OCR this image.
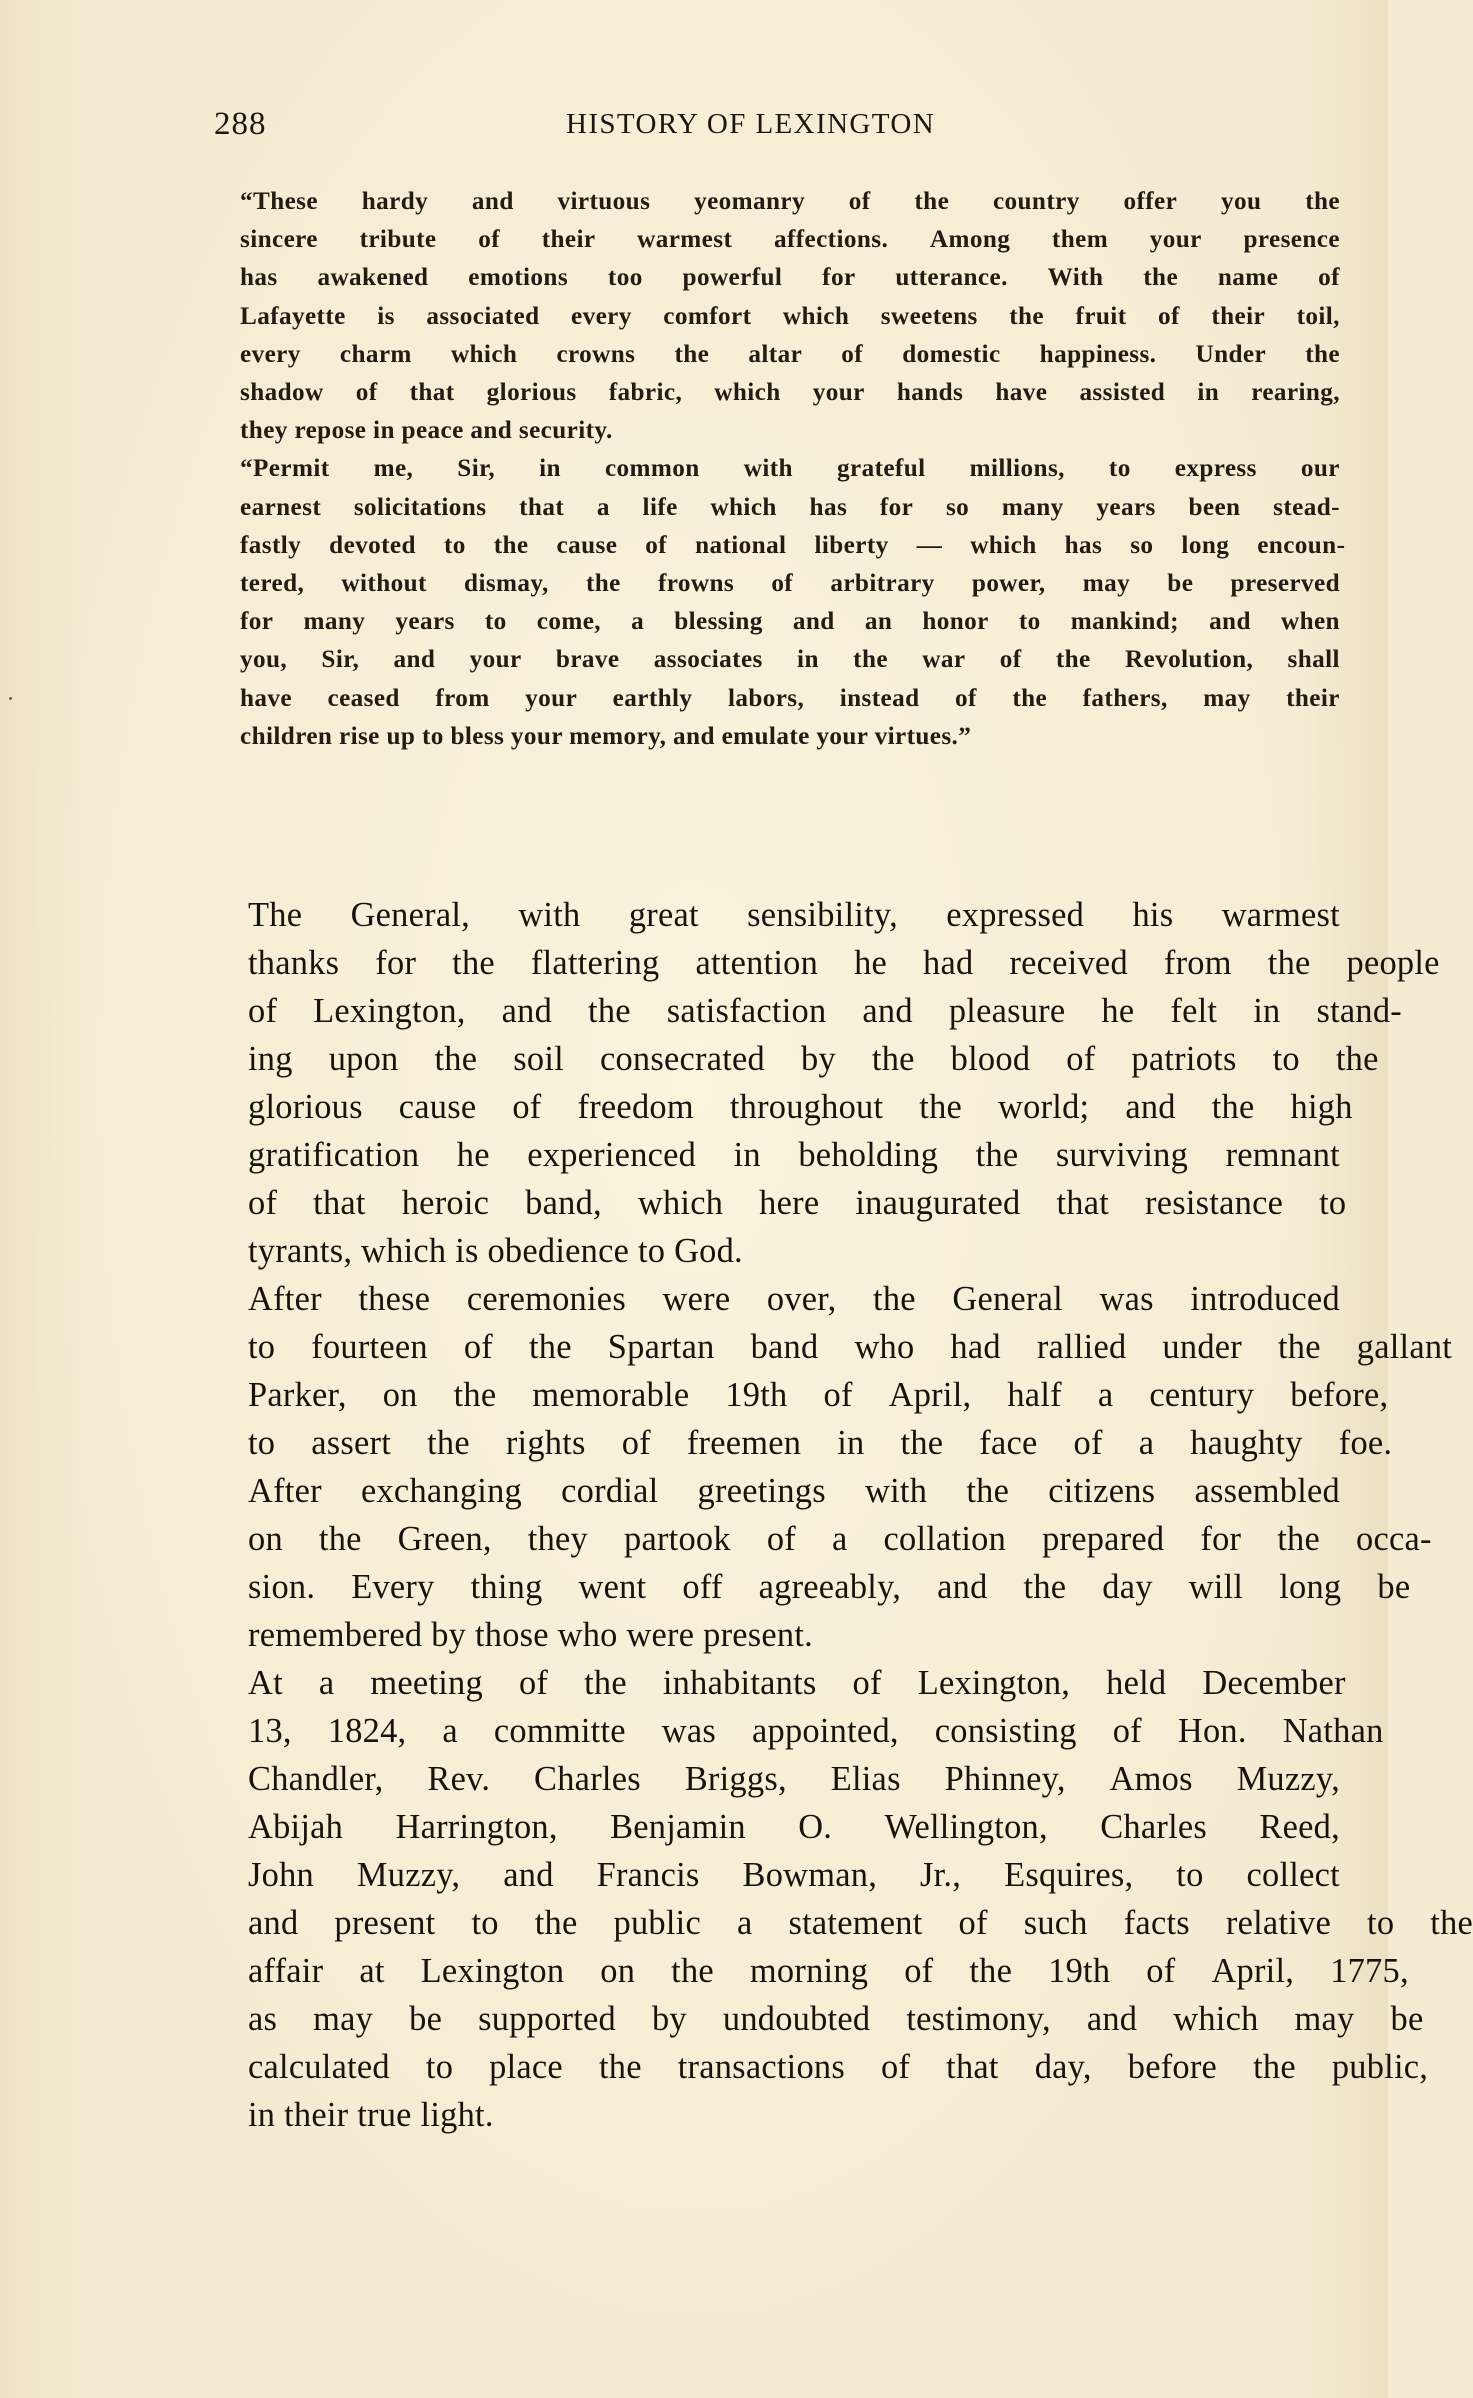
288	HISTORY OF LEXINGTON

“These	hardy	and	virtuous	yeomanry	of	the	country	offer	you	the
sincere	tribute	of	their	warmest	affections.	Among	them	your	presence
has	awakened	emotions	too	powerful	for	utterance.	With	the	name	of
Lafayette	is	associated	every	comfort	which	sweetens	the	fruit	of	their	toil,
every	charm	which	crowns	the	altar	of	domestic	happiness.	Under	the
shadow	of	that	glorious	fabric,	which	your	hands	have	assisted	in	rearing,
they repose in peace and security.

“Permit	me,	Sir,	in	common	with	grateful	millions,	to	express	our
earnest	solicitations	that	a	life	which	has	for	so	many	years	been	stead-
fastly	devoted	to	the	cause	of	national	liberty	—	which	has	so	long	encoun-
tered,	without	dismay,	the	frowns	of	arbitrary	power,	may	be	preserved
for	many	years	to	come,	a	blessing	and	an	honor	to	mankind;	and	when
you,	Sir,	and	your	brave	associates	in	the	war	of	the	Revolution,	shall
have	ceased	from	your	earthly	labors,	instead	of	the	fathers,	may	their
children rise up to bless your memory, and emulate your virtues.”

The	General,	with	great	sensibility,	expressed	his	warmest
thanks	for	the	flattering	attention	he	had	received	from	the	people
of	Lexington,	and	the	satisfaction	and	pleasure	he	felt	in	stand-
ing	upon	the	soil	consecrated	by	the	blood	of	patriots	to	the
glorious	cause	of	freedom	throughout	the	world;	and	the	high
gratification	he	experienced	in	beholding	the	surviving	remnant
of	that	heroic	band,	which	here	inaugurated	that	resistance	to
tyrants, which is obedience to God.

After	these	ceremonies	were	over,	the	General	was	introduced
to	fourteen	of	the	Spartan	band	who	had	rallied	under	the	gallant
Parker,	on	the	memorable	19th	of	April,	half	a	century	before,
to	assert	the	rights	of	freemen	in	the	face	of	a	haughty	foe.
After	exchanging	cordial	greetings	with	the	citizens	assembled
on	the	Green,	they	partook	of	a	collation	prepared	for	the	occa-
sion.	Every	thing	went	off	agreeably,	and	the	day	will	long	be
remembered by those who were present.

At	a	meeting	of	the	inhabitants	of	Lexington,	held	December
13,	1824,	a	committe	was	appointed,	consisting	of	Hon.	Nathan
Chandler,	Rev.	Charles	Briggs,	Elias	Phinney,	Amos	Muzzy,
Abijah	Harrington,	Benjamin	O.	Wellington,	Charles	Reed,
John	Muzzy,	and	Francis	Bowman,	Jr.,	Esquires,	to	collect
and	present	to	the	public	a	statement	of	such	facts	relative	to	the
affair	at	Lexington	on	the	morning	of	the	19th	of	April,	1775,
as	may	be	supported	by	undoubted	testimony,	and	which	may	be
calculated	to	place	the	transactions	of	that	day,	before	the	public,
in their true light.
